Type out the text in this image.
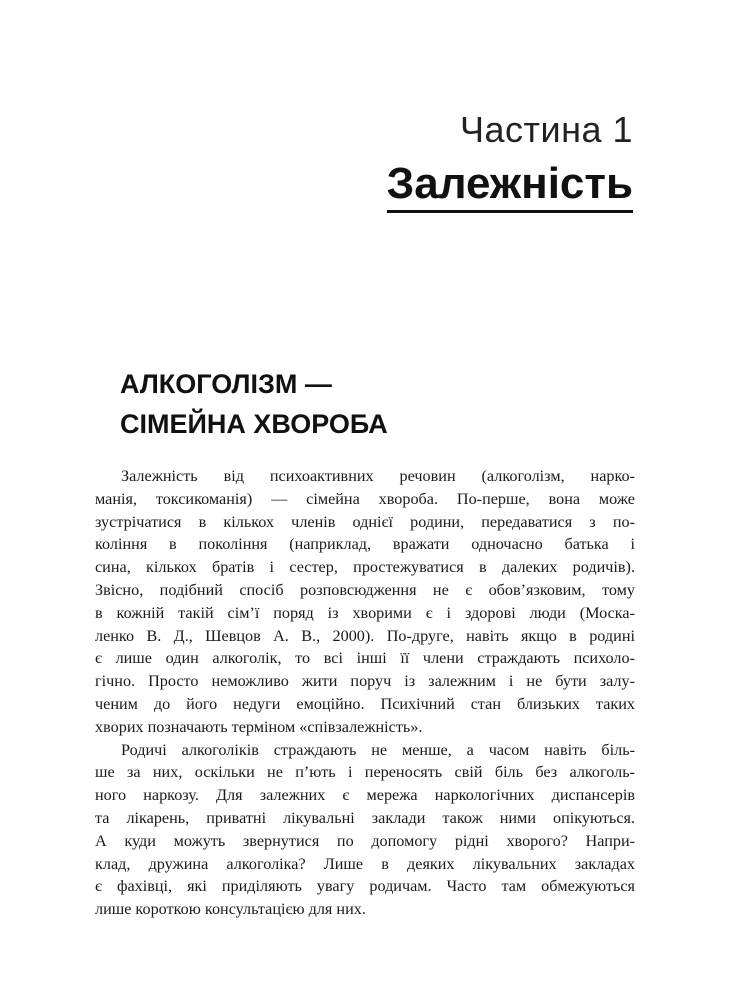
Частина 1
Залежність
АЛКОГОЛІЗМ —
СІМЕЙНА ХВОРОБА
Залежність від психоактивних речовин (алкоголізм, нарко-
манія, токсикоманія) — сімейна хвороба. По-перше, вона може
зустрічатися в кількох членів однієї родини, передаватися з по-
коління в покоління (наприклад, вражати одночасно батька і
сина, кількох братів і сестер, простежуватися в далеких родичів).
Звісно, подібний спосіб розповсюдження не є обов’язковим, тому
в кожній такій сім’ї поряд із хворими є і здорові люди (Моска-
ленко В. Д., Шевцов А. В., 2000). По-друге, навіть якщо в родині
є лише один алкоголік, то всі інші її члени страждають психоло-
гічно. Просто неможливо жити поруч із залежним і не бути залу-
ченим до його недуги емоційно. Психічний стан близьких таких
хворих позначають терміном «співзалежність».
Родичі алкоголіків страждають не менше, а часом навіть біль-
ше за них, оскільки не п’ють і переносять свій біль без алкоголь-
ного наркозу. Для залежних є мережа наркологічних диспансерів
та лікарень, приватні лікувальні заклади також ними опікуються.
А куди можуть звернутися по допомогу рідні хворого? Напри-
клад, дружина алкоголіка? Лише в деяких лікувальних закладах
є фахівці, які приділяють увагу родичам. Часто там обмежуються
лише короткою консультацією для них.
